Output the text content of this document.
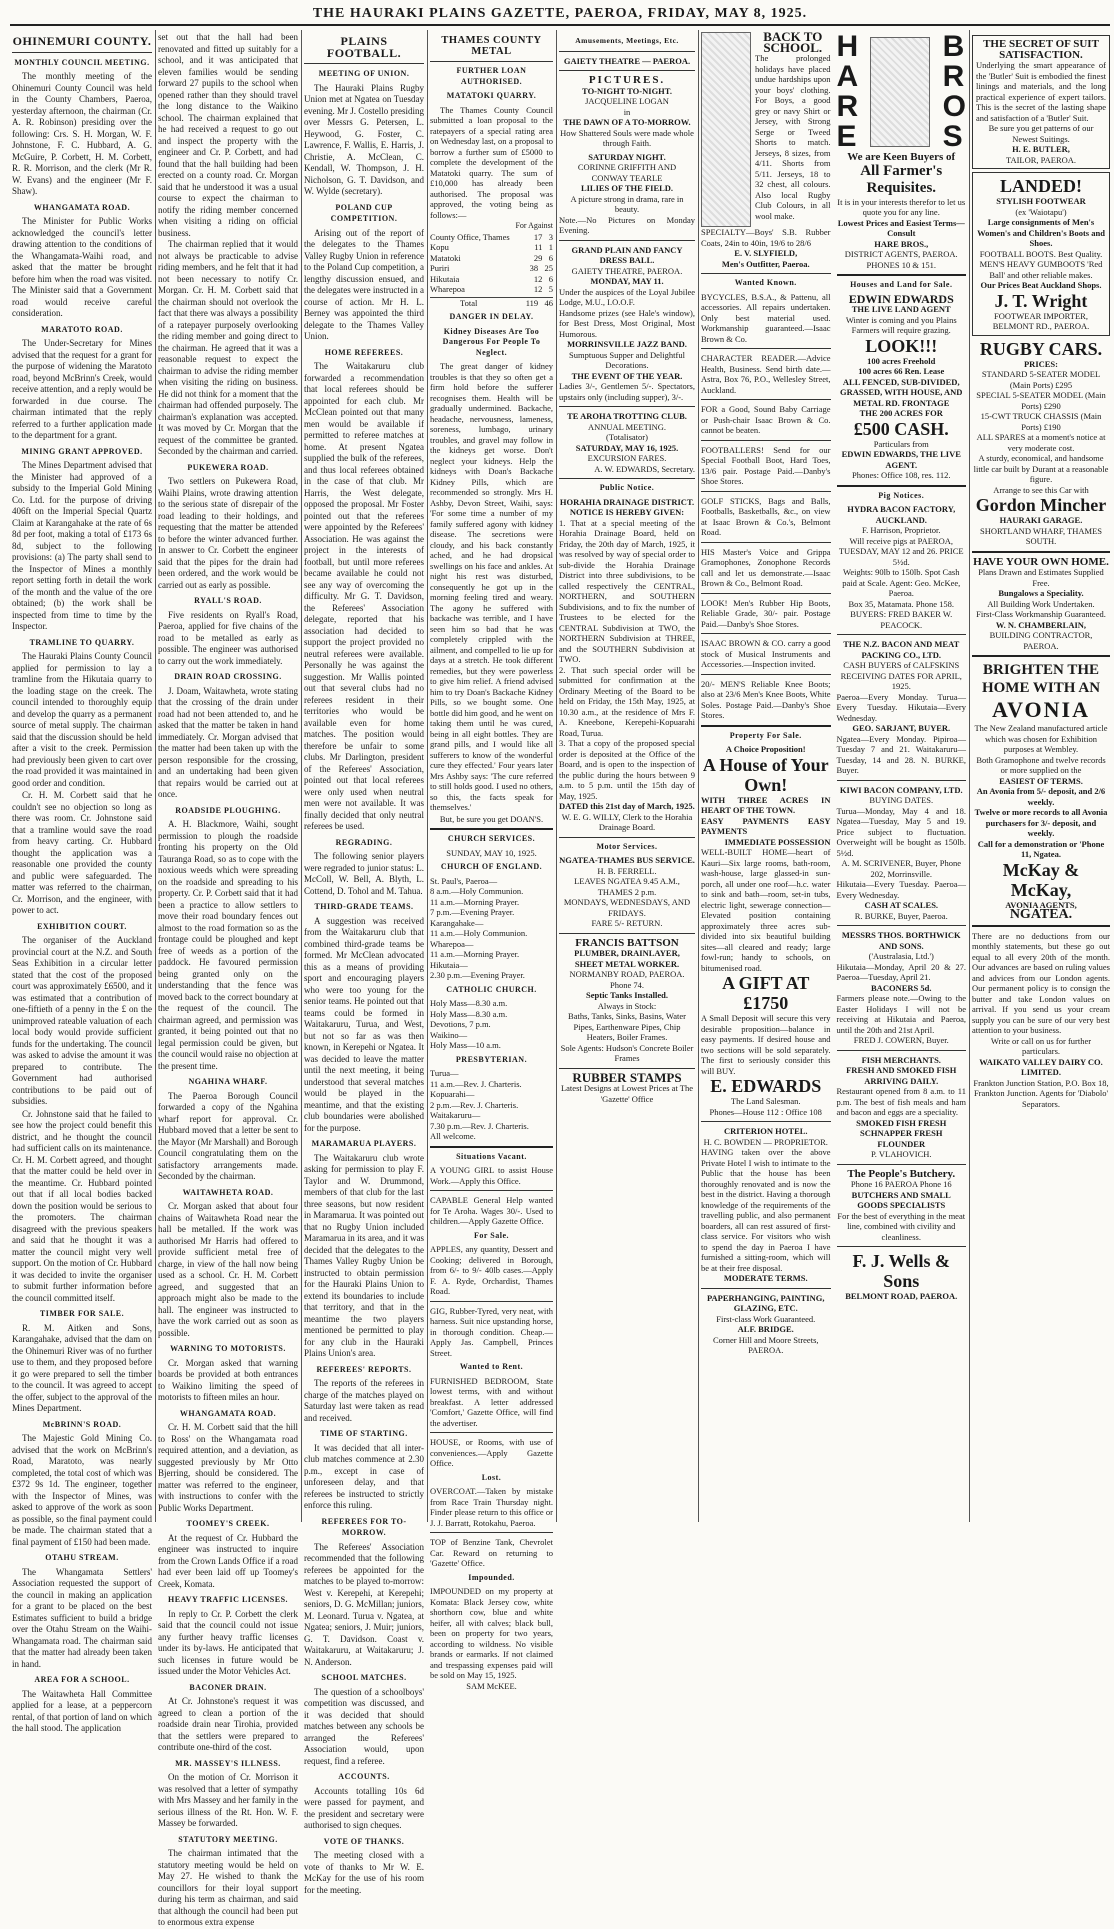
THE HAURAKI PLAINS GAZETTE, PAEROA, FRIDAY, MAY 8, 1925.
OHINEMURI COUNTY.
MONTHLY COUNCIL MEETING.

The monthly meeting of the Ohinemuri County Council was held in the County Chambers, Paeroa, yesterday afternoon, the chairman (Cr. A. R. Robinson) presiding over the following: Crs. S. H. Morgan, W. F. Johnstone, F. C. Hubbard, A. G. McGuire, P. Corbett, H. M. Corbett, R. R. Morrison, and the clerk (Mr R. W. Evans) and the engineer (Mr F. Shaw).

WHANGAMATA ROAD.

The Minister for Public Works acknowledged the council's letter drawing attention to the conditions of the Whangamata-Waihi road, and asked that the matter be brought before him when the road was visited. The Minister said that a Government road would receive careful consideration.

MARATOTO ROAD.

The Under-Secretary for Mines advised that the request for a grant for the purpose of widening the Maratoto road, beyond McBrinn's Creek, would receive attention, and a reply would be forwarded in due course. The chairman intimated that the reply referred to a further application made to the department for a grant.

MINING GRANT APPROVED.

The Mines Department advised that the Minister had approved of a subsidy to the Imperial Gold Mining Co. Ltd. for the purpose of driving 406ft on the Imperial Special Quartz Claim at Karangahake at the rate of 6s 8d per foot, making a total of £173 6s 8d, subject to the following provisions: (a) The party shall send to the Inspector of Mines a monthly report setting forth in detail the work of the month and the value of the ore obtained; (b) the work shall be inspected from time to time by the Inspector.

TRAMLINE TO QUARRY.

The Hauraki Plains County Council applied for permission to lay a tramline from the Hikutaia quarry to the loading stage on the creek. The council intended to thoroughly equip and develop the quarry as a permanent source of metal supply. The chairman said that the discussion should be held after a visit to the creek. Permission had previously been given to cart over the road provided it was maintained in good order and condition.

Cr. H. M. Corbett said that he couldn't see no objection so long as there was room. Cr. Johnstone said that a tramline would save the road from heavy carting. Cr. Hubbard thought the application was a reasonable one provided the county and public were safeguarded. The matter was referred to the chairman, Cr. Morrison, and the engineer, with power to act.

EXHIBITION COURT.

The organiser of the Auckland provincial court at the N.Z. and South Seas Exhibition in a circular letter stated that the cost of the proposed court was approximately £6500, and it was estimated that a contribution of one-fiftieth of a penny in the £ on the unimproved rateable valuation of each local body would provide sufficient funds for the undertaking. The council was asked to advise the amount it was prepared to contribute. The Government had authorised contributions to be paid out of subsidies.

Cr. Johnstone said that he failed to see how the project could benefit this district, and he thought the council had sufficient calls on its maintenance. Cr. H. M. Corbett agreed, and thought that the matter could be held over in the meantime. Cr. Hubbard pointed out that if all local bodies backed down the position would be serious to the promoters. The chairman disagreed with the previous speakers and said that he thought it was a matter the council might very well support. On the motion of Cr. Hubbard it was decided to invite the organiser to submit further information before the council committed itself.

TIMBER FOR SALE.

R. M. Aitken and Sons, Karangahake, advised that the dam on the Ohinemuri River was of no further use to them, and they proposed before it go were prepared to sell the timber to the council. It was agreed to accept the offer, subject to the approval of the Mines Department.

McBRINN'S ROAD.

The Majestic Gold Mining Co. advised that the work on McBrinn's Road, Maratoto, was nearly completed, the total cost of which was £372 9s 1d. The engineer, together with the Inspector of Mines, was asked to approve of the work as soon as possible, so the final payment could be made. The chairman stated that a final payment of £150 had been made.

OTAHU STREAM.

The Whangamata Settlers' Association requested the support of the council in making an application for a grant to be placed on the best Estimates sufficient to build a bridge over the Otahu Stream on the Waihi-Whangamata road. The chairman said that the matter had already been taken in hand.

AREA FOR A SCHOOL.

The Waitawheta Hall Committee applied for a lease, at a peppercorn rental, of that portion of land on which the hall stood. The application

set out that the hall had been renovated and fitted up suitably for a school, and it was anticipated that eleven families would be sending forward 27 pupils to the school when opened rather than they should travel the long distance to the Waikino school. The chairman explained that he had received a request to go out and inspect the property with the engineer and Cr. P. Corbett, and had found that the hall building had been erected on a county road. Cr. Morgan said that he understood it was a usual course to expect the chairman to notify the riding member concerned when visiting a riding on official business.

The chairman replied that it would not always be practicable to advise riding members, and he felt that it had not been necessary to notify Cr. Morgan. Cr. H. M. Corbett said that the chairman should not overlook the fact that there was always a possibility of a ratepayer purposely overlooking the riding member and going direct to the chairman. He agreed that it was a reasonable request to expect the chairman to advise the riding member when visiting the riding on business. He did not think for a moment that the chairman had offended purposely. The chairman's explanation was accepted. It was moved by Cr. Morgan that the request of the committee be granted. Seconded by the chairman and carried.

PUKEWERA ROAD.

Two settlers on Pukewera Road, Waihi Plains, wrote drawing attention to the serious state of disrepair of the road leading to their holdings, and requesting that the matter be attended to before the winter advanced further. In answer to Cr. Corbett the engineer said that the pipes for the drain had been ordered, and the work would be carried out as early as possible.

RYALL'S ROAD.

Five residents on Ryall's Road, Paeroa, applied for five chains of the road to be metalled as early as possible. The engineer was authorised to carry out the work immediately.

DRAIN ROAD CROSSING.

J. Doam, Waitawheta, wrote stating that the crossing of the drain under road had not been attended to, and he asked that the matter be taken in hand immediately. Cr. Morgan advised that the matter had been taken up with the person responsible for the crossing, and an undertaking had been given that repairs would be carried out at once.

ROADSIDE PLOUGHING.

A. H. Blackmore, Waihi, sought permission to plough the roadside fronting his property on the Old Tauranga Road, so as to cope with the noxious weeds which were spreading on the roadside and spreading to his property. Cr. P. Corbett said that it had been a practice to allow settlers to move their road boundary fences out almost to the road formation so as the frontage could be ploughed and kept free of weeds as a portion of the paddock. He favoured permission being granted only on the understanding that the fence was moved back to the correct boundary at the request of the council. The chairman agreed, and permission was granted, it being pointed out that no legal permission could be given, but the council would raise no objection at the present time.

NGAHINA WHARF.

The Paeroa Borough Council forwarded a copy of the Ngahina wharf report for approval. Cr. Hubbard moved that a letter be sent to the Mayor (Mr Marshall) and Borough Council congratulating them on the satisfactory arrangements made. Seconded by the chairman.

WAITAWHETA ROAD.

Cr. Morgan asked that about four chains of Waitawheta Road near the hall be metalled. If the work was authorised Mr Harris had offered to provide sufficient metal free of charge, in view of the hall now being used as a school. Cr. H. M. Corbett agreed, and suggested that an approach might also be made to the hall. The engineer was instructed to have the work carried out as soon as possible.

WARNING TO MOTORISTS.

Cr. Morgan asked that warning boards be provided at both entrances to Waikino limiting the speed of motorists to fifteen miles an hour.

WHANGAMATA ROAD.

Cr. H. M. Corbett said that the hill to Ross' on the Whangamata road required attention, and a deviation, as suggested previously by Mr Otto Bjerring, should be considered. The matter was referred to the engineer, with instructions to confer with the Public Works Department.

TOOMEY'S CREEK.

At the request of Cr. Hubbard the engineer was instructed to inquire from the Crown Lands Office if a road had ever been laid off up Toomey's Creek, Komata.

HEAVY TRAFFIC LICENSES.

In reply to Cr. P. Corbett the clerk said that the council could not issue any further heavy traffic licenses under its by-laws. He anticipated that such licenses in future would be issued under the Motor Vehicles Act.

BACONER DRAIN.

At Cr. Johnstone's request it was agreed to clean a portion of the roadside drain near Tirohia, provided that the settlers were prepared to contribute one-third of the cost.

MR. MASSEY'S ILLNESS.

On the motion of Cr. Morrison it was resolved that a letter of sympathy with Mrs Massey and her family in the serious illness of the Rt. Hon. W. F. Massey be forwarded.

STATUTORY MEETING.

The chairman intimated that the statutory meeting would be held on May 27. He wished to thank the councillors for their loyal support during his term as chairman, and said that although the council had been put to enormous extra expense

PLAINS FOOTBALL.
MEETING OF UNION.

The Hauraki Plains Rugby Union met at Ngatea on Tuesday evening. Mr J. Costello presiding over Messrs G. Petersen, L. Heywood, G. Foster, C. Lawrence, F. Wallis, E. Harris, J. Christie, A. McClean, C. Kendall, W. Thompson, J. H. Nicholson, G. T. Davidson, and W. Wylde (secretary).

POLAND CUP COMPETITION.

Arising out of the report of the delegates to the Thames Valley Rugby Union in reference to the Poland Cup competition, a lengthy discussion ensued, and the delegates were instructed in a course of action. Mr H. L. Berney was appointed the third delegate to the Thames Valley Union.

HOME REFEREES.

The Waitakaruru club forwarded a recommendation that local referees should be appointed for each club. Mr McClean pointed out that many men would be available if permitted to referee matches at home. At present Ngatea supplied the bulk of the referees, and thus local referees obtained in the case of that club. Mr Harris, the West delegate, opposed the proposal. Mr Foster pointed out that the referees were appointed by the Referees' Association. He was against the project in the interests of football, but until more referees became available he could not see any way of overcoming the difficulty. Mr G. T. Davidson, the Referees' Association delegate, reported that his association had decided to support the project provided no neutral referees were available. Personally he was against the suggestion. Mr Wallis pointed out that several clubs had no referees resident in their territories who would be available even for home matches. The position would therefore be unfair to some clubs. Mr Darlington, president of the Referees' Association, pointed out that local referees were only used when neutral men were not available. It was finally decided that only neutral referees be used.

REGRADING.

The following senior players were regraded to junior status: L. McColl, W. Bell, A. Blyth, L. Cottend, D. Tohol and M. Tahua.

THIRD-GRADE TEAMS.

A suggestion was received from the Waitakaruru club that combined third-grade teams be formed. Mr McClean advocated this as a means of providing sport and encouraging players who were too young for the senior teams. He pointed out that teams could be formed in Waitakaruru, Turua, and West, but not so far as was then known, in Kerepehi or Ngatea. It was decided to leave the matter until the next meeting, it being understood that several matches would be played in the meantime, and that the existing club boundaries were abolished for the purpose.

MARAMARUA PLAYERS.

The Waitakaruru club wrote asking for permission to play F. Taylor and W. Drummond, members of that club for the last three seasons, but now resident in Maramarua. It was pointed out that no Rugby Union included Maramarua in its area, and it was decided that the delegates to the Thames Valley Rugby Union be instructed to obtain permission for the Hauraki Plains Union to extend its boundaries to include that territory, and that in the meantime the two players mentioned be permitted to play for any club in the Hauraki Plains Union's area.

REFEREES' REPORTS.

The reports of the referees in charge of the matches played on Saturday last were taken as read and received.

TIME OF STARTING.

It was decided that all inter-club matches commence at 2.30 p.m., except in case of unforeseen delay, and that referees be instructed to strictly enforce this ruling.

REFEREES FOR TO-MORROW.

The Referees' Association recommended that the following referees be appointed for the matches to be played to-morrow: West v. Kerepehi, at Kerepehi; seniors, D. G. McMillan; juniors, M. Leonard. Turua v. Ngatea, at Ngatea; seniors, J. Muir; juniors, G. T. Davidson. Coast v. Waitakaruru, at Waitakaruru; J. N. Anderson.

SCHOOL MATCHES.

The question of a schoolboys' competition was discussed, and it was decided that should matches between any schools be arranged the Referees' Association would, upon request, find a referee.

ACCOUNTS.

Accounts totalling 10s 6d were passed for payment, and the president and secretary were authorised to sign cheques.

VOTE OF THANKS.

The meeting closed with a vote of thanks to Mr W. E. McKay for the use of his room for the meeting.

THAMES COUNTY METAL
FURTHER LOAN AUTHORISED.
MATATOKI QUARRY.

The Thames County Council submitted a loan proposal to the ratepayers of a special rating area on Wednesday last, on a proposal to borrow a further sum of £5000 to complete the development of the Matatoki quarry. The sum of £10,000 has already been authorised. The proposal was approved, the voting being as follows:—

For Against
County Office, Thames	17 3
Kopu	11 1
Matatoki	29 6
Puriri	38 25
Hikutaia	12 6
Wharepoa	12 5
Total	119 46
DANGER IN DELAY.
Kidney Diseases Are Too Dangerous For People To Neglect.

The great danger of kidney troubles is that they so often get a firm hold before the sufferer recognises them. Health will be gradually undermined. Backache, headache, nervousness, lameness, soreness, lumbago, urinary troubles, and gravel may follow in the kidneys get worse. Don't neglect your kidneys. Help the kidneys with Doan's Backache Kidney Pills, which are recommended so strongly. Mrs H. Ashby, Devon Street, Waihi, says: 'For some time a number of my family suffered agony with kidney disease. The secretions were cloudy, and his back constantly ached, and he had dropsical swellings on his face and ankles. At night his rest was disturbed, consequently he got up in the morning feeling tired and weary. The agony he suffered with backache was terrible, and I have seen him so bad that he was completely crippled with the ailment, and compelled to lie up for days at a stretch. He took different remedies, but they were powerless to give him relief. A friend advised him to try Doan's Backache Kidney Pills, so we bought some. One bottle did him good, and he went on taking them until he was cured, being in all eight bottles. They are grand pills, and I would like all sufferers to know of the wonderful cure they effected.' Four years later Mrs Ashby says: 'The cure referred to still holds good. I used no others, so this, the facts speak for themselves.'

But, be sure you get DOAN'S.

CHURCH SERVICES.
SUNDAY, MAY 10, 1925.
CHURCH OF ENGLAND.
St. Paul's, Paeroa—
8 a.m.—Holy Communion.
11 a.m.—Morning Prayer.
7 p.m.—Evening Prayer.
Karangahake—
11 a.m.—Holy Communion.
Wharepoa—
11 a.m.—Morning Prayer.
Hikutaia—
2.30 p.m.—Evening Prayer.
CATHOLIC CHURCH.
Holy Mass—8.30 a.m.
Holy Mass—8.30 a.m.
Devotions, 7 p.m.
Waikino—
Holy Mass—10 a.m.
PRESBYTERIAN.
Turua—
11 a.m.—Rev. J. Charteris.
Kopuarahi—
2 p.m.—Rev. J. Charteris.
Waitakaruru—
7.30 p.m.—Rev. J. Charteris.
All welcome.
Situations Vacant.

A YOUNG GIRL to assist House Work.—Apply this Office.

CAPABLE General Help wanted for Te Aroha. Wages 30/-. Used to children.—Apply Gazette Office.

For Sale.

APPLES, any quantity, Dessert and Cooking; delivered in Borough, from 6/- to 9/- 40lb cases.—Apply F. A. Ryde, Orchardist, Thames Road.

GIG, Rubber-Tyred, very neat, with harness. Suit nice upstanding horse, in thorough condition. Cheap.—Apply Jas. Campbell, Princes Street.

Wanted to Rent.

FURNISHED BEDROOM, State lowest terms, with and without breakfast. A letter addressed 'Comfort,' Gazette Office, will find the advertiser.

HOUSE, or Rooms, with use of conveniences.—Apply Gazette Office.

Lost.

OVERCOAT.—Taken by mistake from Race Train Thursday night. Finder please return to this office or J. J. Barratt, Rotokahu, Paeroa.

TOP of Benzine Tank, Chevrolet Car. Reward on returning to 'Gazette' Office.

Impounded.

IMPOUNDED on my property at Komata: Black Jersey cow, white shorthorn cow, blue and white heifer, all with calves; black bull, been on property for two years, according to wildness. No visible brands or earmarks. If not claimed and trespassing expenses paid will be sold on May 15, 1925.

SAM McKEE.

Amusements, Meetings, Etc.
GAIETY THEATRE — PAEROA.
PICTURES.
TO-NIGHT TO-NIGHT.
JACQUELINE LOGAN
in
THE DAWN OF A TO-MORROW.
How Shattered Souls were made whole through Faith.
SATURDAY NIGHT.
CORINNE GRIFFITH AND CONWAY TEARLE
LILIES OF THE FIELD.
A picture strong in drama, rare in beauty.
Note.—No Pictures on Monday Evening.
GRAND PLAIN AND FANCY DRESS BALL.
GAIETY THEATRE, PAEROA.
MONDAY, MAY 11.
Under the auspices of the Loyal Jubilee Lodge, M.U., I.O.O.F.
Handsome prizes (see Hale's window), for Best Dress, Most Original, Most Humorous.
MORRINSVILLE JAZZ BAND.
Sumptuous Supper and Delightful Decorations.
THE EVENT OF THE YEAR.
Ladies 3/-, Gentlemen 5/-. Spectators, upstairs only (including supper), 3/-.
TE AROHA TROTTING CLUB.
ANNUAL MEETING.
(Totalisator)
SATURDAY, MAY 16, 1925.
EXCURSION FARES.
A. W. EDWARDS, Secretary.
Public Notice.
HORAHIA DRAINAGE DISTRICT.
NOTICE IS HEREBY GIVEN:

1. That at a special meeting of the Horahia Drainage Board, held on Friday, the 20th day of March, 1925, it was resolved by way of special order to sub-divide the Horahia Drainage District into three subdivisions, to be called respectively the CENTRAL, NORTHERN, and SOUTHERN Subdivisions, and to fix the number of Trustees to be elected for the CENTRAL Subdivision at TWO, the NORTHERN Subdivision at THREE, and the SOUTHERN Subdivision at TWO.

2. That such special order will be submitted for confirmation at the Ordinary Meeting of the Board to be held on Friday, the 15th May, 1925, at 10.30 a.m., at the residence of Mrs F. A. Kneebone, Kerepehi-Kopuarahi Road, Turua.

3. That a copy of the proposed special order is deposited at the Office of the Board, and is open to the inspection of the public during the hours between 9 a.m. to 5 p.m. until the 15th day of May, 1925.

DATED this 21st day of March, 1925.

W. E. G. WILLY, Clerk to the Horahia Drainage Board.

Motor Services.
NGATEA-THAMES BUS SERVICE.
H. B. FERRELL.
LEAVES NGATEA 9.45 A.M., THAMES 2 p.m.
MONDAYS, WEDNESDAYS, AND FRIDAYS.
FARE 5/- RETURN.
FRANCIS BATTSON
PLUMBER, DRAINLAYER, SHEET METAL WORKER.
NORMANBY ROAD, PAEROA. Phone 74.
Septic Tanks Installed.
Always in Stock:
Baths, Tanks, Sinks, Basins, Water Pipes, Earthenware Pipes, Chip Heaters, Boiler Frames.
Sole Agents: Hudson's Concrete Boiler Frames
RUBBER STAMPS
Latest Designs at Lowest Prices at The 'Gazette' Office
BACK TO SCHOOL.

The prolonged holidays have placed undue hardships upon your boys' clothing. For Boys, a good grey or navy Shirt or Jersey, with Strong Serge or Tweed Shorts to match. Jerseys, 8 sizes, from 4/11. Shorts from 5/11. Jerseys, 18 to 32 chest, all colours. Also local Rugby Club Colours, in all wool make.

SPECIALTY—Boys' S.B. Rubber Coats, 24in to 40in, 19/6 to 28/6

E. V. SLYFIELD,
Men's Outfitter, Paeroa.
Wanted Known.

BYCYCLES, B.S.A., & Pattenu, all accessories. All repairs undertaken. Only best material used. Workmanship guaranteed.—Isaac Brown & Co.

CHARACTER READER.—Advice Health, Business. Send birth date.—Astra, Box 76, P.O., Wellesley Street, Auckland.

FOR a Good, Sound Baby Carriage or Push-chair Isaac Brown & Co. cannot be beaten.

FOOTBALLERS! Send for our Special Football Boot, Hard Toes, 13/6 pair. Postage Paid.—Danby's Shoe Stores.

GOLF STICKS, Bags and Balls, Footballs, Basketballs, &c., on view at Isaac Brown & Co.'s, Belmont Road.

HIS Master's Voice and Grippa Gramophones, Zonophone Records call and let us demonstrate.—Isaac Brown & Co., Belmont Road.

LOOK! Men's Rubber Hip Boots, Reliable Grade, 30/- pair. Postage Paid.—Danby's Shoe Stores.

ISAAC BROWN & CO. carry a good stock of Musical Instruments and Accessories.—Inspection invited.

20/- MEN'S Reliable Knee Boots; also at 23/6 Men's Knee Boots, White Soles. Postage Paid.—Danby's Shoe Stores.

Property For Sale.
A Choice Proposition!
A House of Your Own!

WITH THREE ACRES IN HEART OF THE TOWN.

EASY PAYMENTS EASY PAYMENTS

IMMEDIATE POSSESSION

WELL-BUILT HOME—heart of Kauri—Six large rooms, bath-room, wash-house, large glassed-in sun-porch, all under one roof—h.c. water to sink and bath—room, set-in tubs, electric light, sewerage connection—Elevated position containing approximately three acres sub-divided into six beautiful building sites—all cleared and ready; large fowl-run; handy to schools, on bitumenised road.

A GIFT AT £1750

A Small Deposit will secure this very desirable proposition—balance in easy payments. If desired house and two sections will be sold separately. The first to seriously consider this will BUY.

E. EDWARDS
The Land Salesman.
Phones—House 112 : Office 108
CRITERION HOTEL.
H. C. BOWDEN — PROPRIETOR.

HAVING taken over the above Private Hotel I wish to intimate to the Public that the house has been thoroughly renovated and is now the best in the district. Having a thorough knowledge of the requirements of the travelling public, and also permanent boarders, all can rest assured of first-class service. For visitors who wish to spend the day in Paeroa I have furnished a sitting-room, which will be at their free disposal.

MODERATE TERMS.
PAPERHANGING, PAINTING, GLAZING, ETC.
First-class Work Guaranteed.
ALF. BRIDGE.
Corner Hill and Moore Streets, PAEROA.
H
A
R
E
B
R
O
S
We are Keen Buyers of
All Farmer's Requisites.

It is in your interests therefor to let us quote you for any line.

Lowest Prices and Easiest Terms—Consult

HARE BROS.,
DISTRICT AGENTS, PAEROA. PHONES 10 & 151.
Houses and Land for Sale.
EDWIN EDWARDS
THE LIVE LAND AGENT

Winter is coming and you Plains Farmers will require grazing.

LOOK!!!
100 acres Freehold
100 acres 66 Ren. Lease
ALL FENCED, SUB-DIVIDED, GRASSED, WITH HOUSE, AND METAL RD. FRONTAGE
THE 200 ACRES FOR
£500 CASH.
Particulars from
EDWIN EDWARDS, THE LIVE AGENT.
Phones: Office 108, res. 112.
Pig Notices.
HYDRA BACON FACTORY, AUCKLAND.
F. Harrison, Proprietor.
Will receive pigs at PAEROA, TUESDAY, MAY 12 and 26. PRICE 5½d.
Weights: 90lb to 150lb. Spot Cash paid at Scale. Agent: Geo. McKee, Paeroa.
Box 35, Matamata. Phone 158. BUYERS: FRED BAKER W. PEACOCK.
THE N.Z. BACON AND MEAT PACKING CO., LTD.
CASH BUYERS of CALFSKINS
RECEIVING DATES FOR APRIL, 1925.
Paeroa—Every Monday. Turua—Every Tuesday. Hikutaia—Every Wednesday.
GEO. SARJANT, BUYER.
Ngatea—Every Monday. Pipiroa—Tuesday 7 and 21. Waitakaruru—Tuesday, 14 and 28. N. BURKE, Buyer.
KIWI BACON COMPANY, LTD.
BUYING DATES.
Turua—Monday, May 4 and 18. Ngatea—Tuesday, May 5 and 19. Price subject to fluctuation. Overweight will be bought as 150lb. 5½d.
A. M. SCRIVENER, Buyer, Phone 202, Morrinsville.
Hikutaia—Every Tuesday. Paeroa—Every Wednesday.
CASH AT SCALES.
R. BURKE, Buyer, Paeroa.
MESSRS THOS. BORTHWICK AND SONS.
('Australasia, Ltd.')
Hikutaia—Monday, April 20 & 27. Paeroa—Tuesday, April 21.
BACONERS 5d.
Farmers please note.—Owing to the Easter Holidays I will not be receiving at Hikutaia and Paeroa, until the 20th and 21st April.
FRED J. COWERN, Buyer.
FISH MERCHANTS.
FRESH AND SMOKED FISH ARRIVING DAILY.
Restaurant opened from 8 a.m. to 11 p.m. The best of fish meals and ham and bacon and eggs are a speciality.
SMOKED FISH FRESH SCHNAPPER FRESH FLOUNDER
P. VLAHOVICH.
The People's Butchery.
Phone 16 PAEROA Phone 16
BUTCHERS AND SMALL GOODS SPECIALISTS
For the best of everything in the meat line, combined with civility and cleanliness.
F. J. Wells & Sons
BELMONT ROAD, PAEROA.
THE SECRET OF SUIT SATISFACTION.

Underlying the smart appearance of the 'Butler' Suit is embodied the finest linings and materials, and the long practical experience of expert tailors. This is the secret of the lasting shape and satisfaction of a 'Butler' Suit.

Be sure you get patterns of our Newest Suitings.

H. E. BUTLER,
TAILOR, PAEROA.
LANDED!
STYLISH FOOTWEAR
(ex 'Waiotapu')
Large consignments of Men's Women's and Children's Boots and Shoes.
FOOTBALL BOOTS. Best Quality.
MEN'S HEAVY GUMBOOTS 'Red Ball' and other reliable makes.
Our Prices Beat Auckland Shops.
J. T. Wright
FOOTWEAR IMPORTER, BELMONT RD., PAEROA.
RUGBY CARS.
PRICES:
STANDARD 5-SEATER MODEL (Main Ports) £295
SPECIAL 5-SEATER MODEL (Main Ports) £290
15-CWT TRUCK CHASSIS (Main Ports) £190
ALL SPARES at a moment's notice at very moderate cost.
A sturdy, economical, and handsome little car built by Durant at a reasonable figure.
Arrange to see this Car with
Gordon Mincher
HAURAKI GARAGE.
SHORTLAND WHARF, THAMES SOUTH.
HAVE YOUR OWN HOME.
Plans Drawn and Estimates Supplied Free.
Bungalows a Speciality.
All Building Work Undertaken.
First-Class Workmanship Guaranteed.
W. N. CHAMBERLAIN,
BUILDING CONTRACTOR, PAEROA.
BRIGHTEN THE HOME WITH AN
AVONIA

The New Zealand manufactured article which was chosen for Exhibition purposes at Wembley.

Both Gramophone and twelve records or more supplied on the

EASIEST OF TERMS.

An Avonia from 5/- deposit, and 2/6 weekly.

Twelve or more records to all Avonia purchasers for 3/- deposit, and weekly.

Call for a demonstration or 'Phone 11, Ngatea.

McKay & McKay,
AVONIA AGENTS,
NGATEA.

There are no deductions from our monthly statements, but these go out equal to all every 20th of the month. Our advances are based on ruling values and advices from our London agents. Our permanent policy is to consign the butter and take London values on arrival. If you send us your cream supply you can be sure of our very best attention to your business.

Write or call on us for further particulars.

WAIKATO VALLEY DAIRY CO. LIMITED.
Frankton Junction Station, P.O. Box 18, Frankton Junction. Agents for 'Diabolo' Separators.
